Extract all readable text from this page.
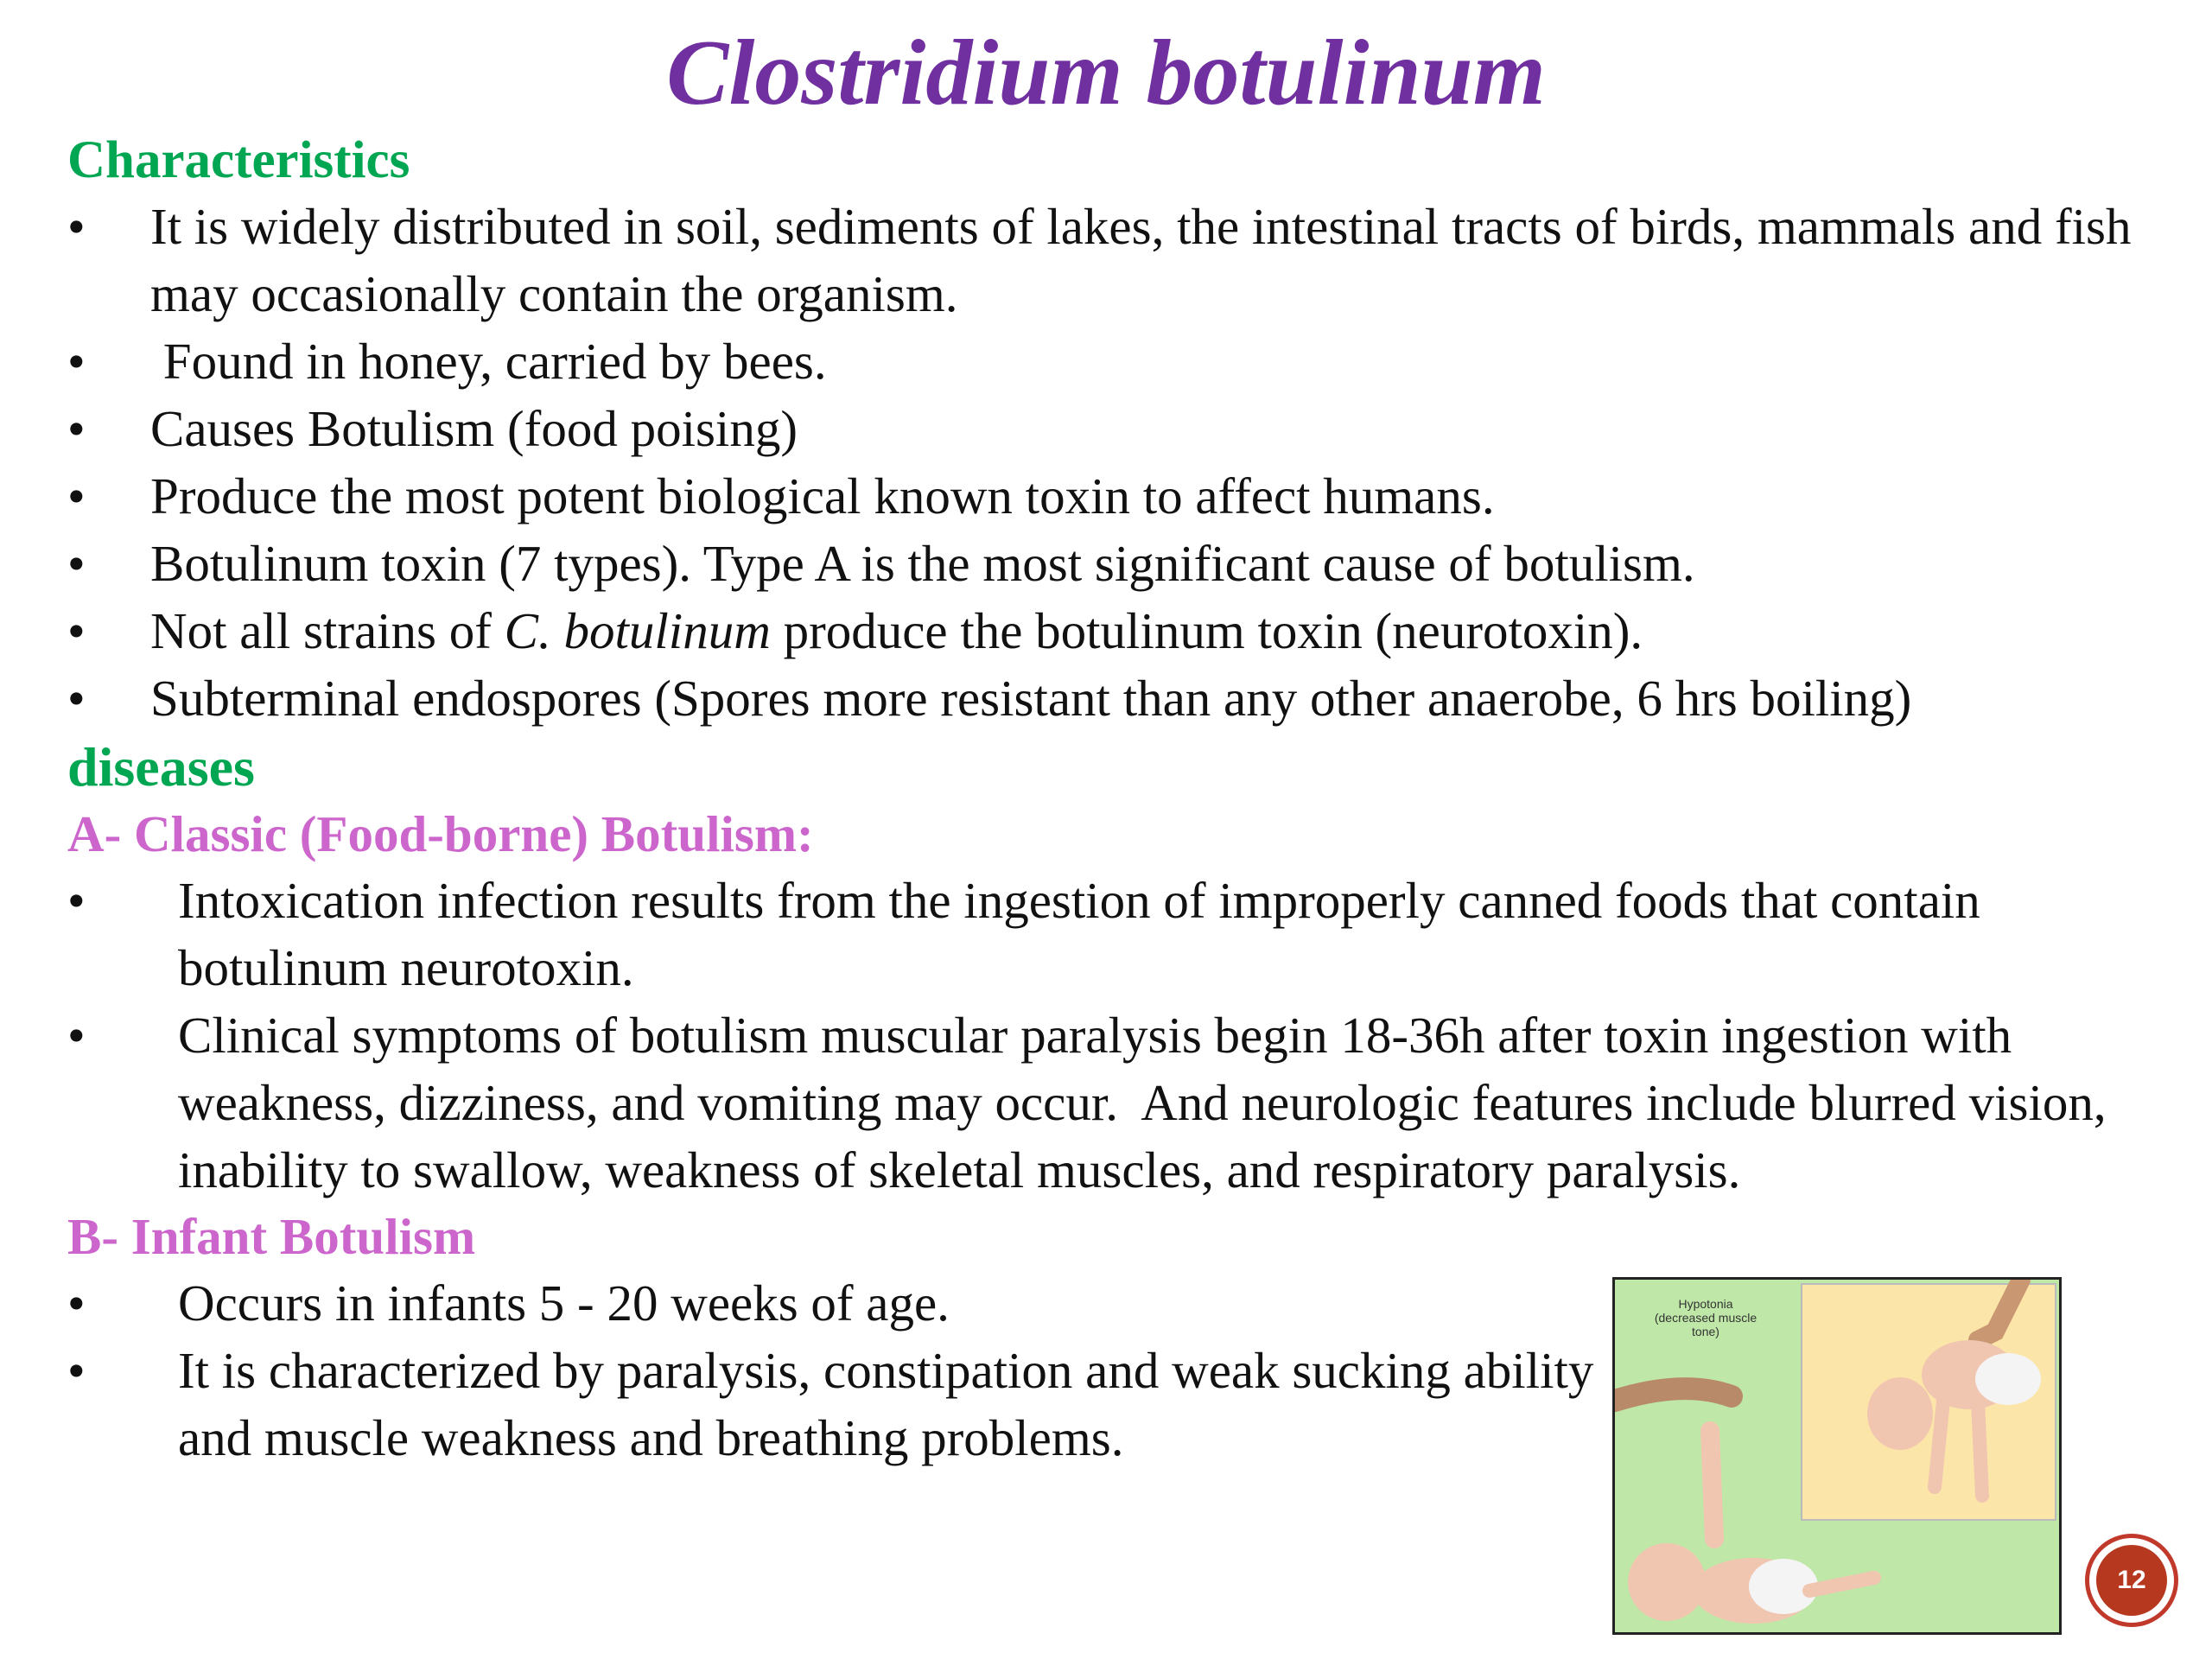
Clostridium botulinum
Characteristics
• It is widely distributed in soil, sediments of lakes, the intestinal tracts of birds, mammals and fish may occasionally contain the organism.
• Found in honey, carried by bees.
• Causes Botulism (food poising)
• Produce the most potent biological known toxin to affect humans.
• Botulinum toxin (7 types). Type A is the most significant cause of botulism.
• Not all strains of C. botulinum produce the botulinum toxin (neurotoxin).
• Subterminal endospores (Spores more resistant than any other anaerobe, 6 hrs boiling)
diseases
A- Classic (Food-borne) Botulism:
• Intoxication infection results from the ingestion of improperly canned foods that contain botulinum neurotoxin.
• Clinical symptoms of botulism muscular paralysis begin 18-36h after toxin ingestion with weakness, dizziness, and vomiting may occur.  And neurologic features include blurred vision, inability to swallow, weakness of skeletal muscles, and respiratory paralysis.
B- Infant Botulism
• Occurs in infants 5 - 20 weeks of age.
• It is characterized by paralysis, constipation and weak sucking ability and muscle weakness and breathing problems.
Hypotonia (decreased muscle tone)
12
